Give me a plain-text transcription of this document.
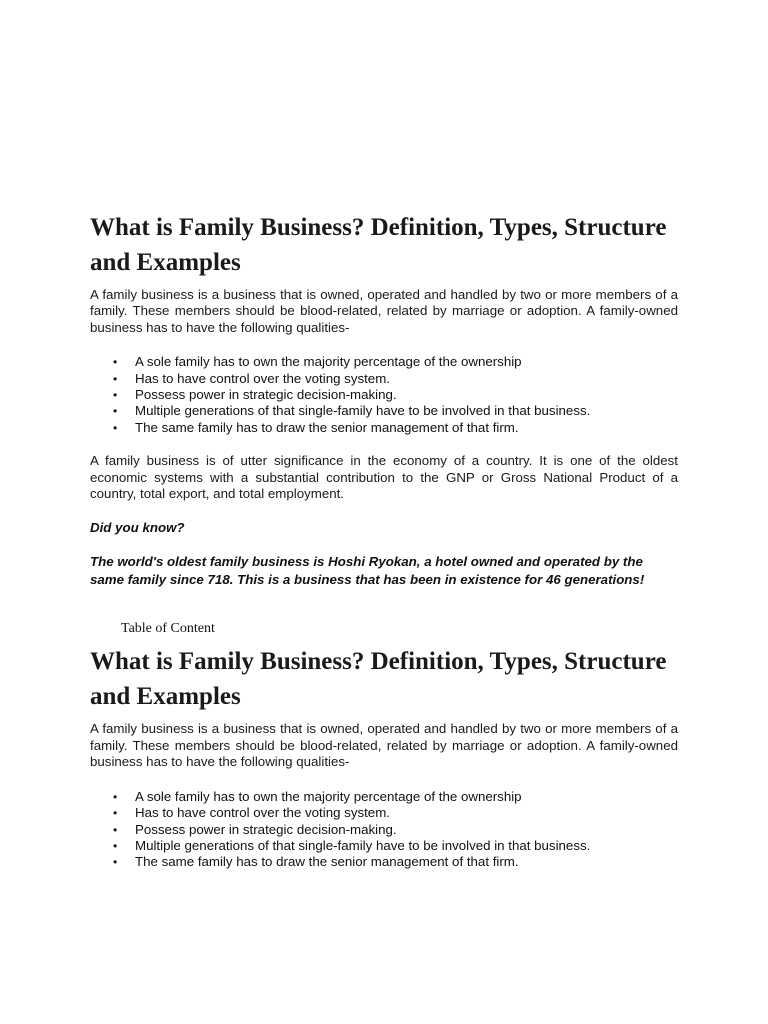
What is Family Business? Definition, Types, Structure and Examples

A family business is a business that is owned, operated and handled by two or more members of a family. These members should be blood-related, related by marriage or adoption. A family-owned business has to have the following qualities-

• A sole family has to own the majority percentage of the ownership
• Has to have control over the voting system.
• Possess power in strategic decision-making.
• Multiple generations of that single-family have to be involved in that business.
• The same family has to draw the senior management of that firm.

A family business is of utter significance in the economy of a country. It is one of the oldest economic systems with a substantial contribution to the GNP or Gross National Product of a country, total export, and total employment.

Did you know?

The world's oldest family business is Hoshi Ryokan, a hotel owned and operated by the same family since 718. This is a business that has been in existence for 46 generations!

Table of Content
What is Family Business? Definition, Types, Structure and Examples

A family business is a business that is owned, operated and handled by two or more members of a family. These members should be blood-related, related by marriage or adoption. A family-owned business has to have the following qualities-

• A sole family has to own the majority percentage of the ownership
• Has to have control over the voting system.
• Possess power in strategic decision-making.
• Multiple generations of that single-family have to be involved in that business.
• The same family has to draw the senior management of that firm.
